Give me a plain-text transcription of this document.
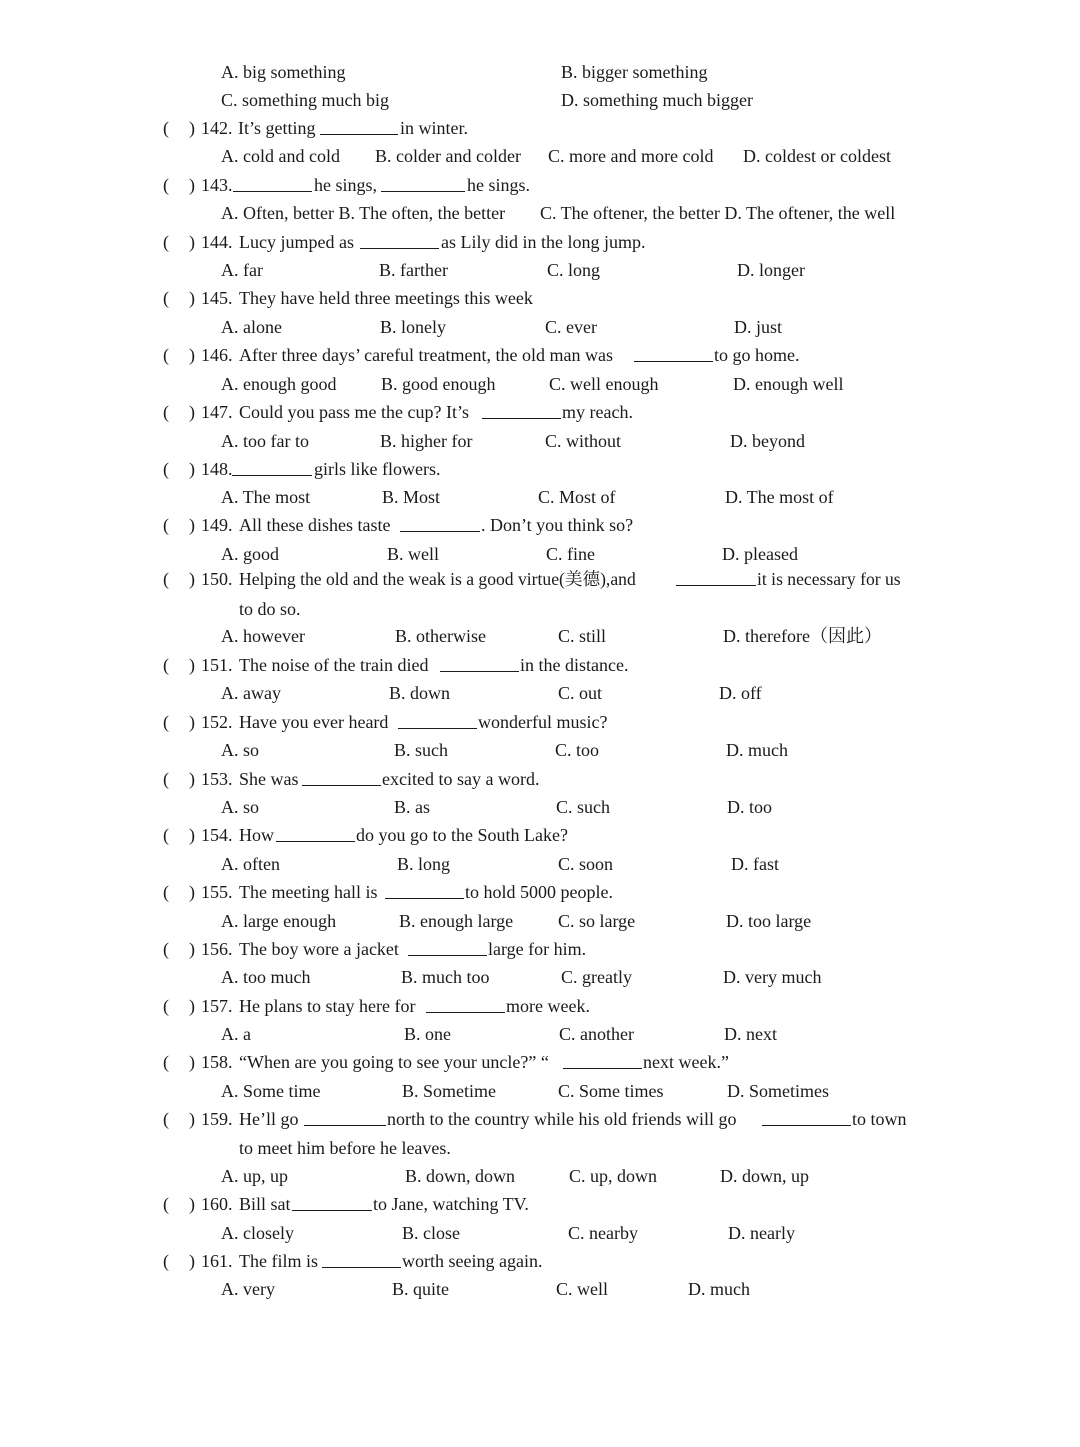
A. big something	B. bigger something
C. something much big	D. something much bigger
( ) 142. It’s getting	in winter.
A. cold and cold B. colder and colder C. more and more cold D. coldest or coldest
( ) 143.	he sings,	he sings.
A. Often, better B. The often, the better C. The oftener, the better D. The oftener, the well
( ) 144. Lucy jumped as	as Lily did in the long jump.
A. far	B. farther	C. long	D. longer
( ) 145. They have held three meetings this week
A. alone	B. lonely	C. ever	D. just
( ) 146. After three days’ careful treatment, the old man was	to go home.
A. enough good B. good enough	C. well enough	D. enough well
( ) 147. Could you pass me the cup? It’s	my reach.
A. too far to	B. higher for	C. without	D. beyond
( ) 148.	girls like flowers.
A. The most	B. Most	C. Most of	D. The most of
( ) 149. All these dishes taste	. Don’t you think so?
A. good	B. well	C. fine	D. pleased
( ) 150. Helping the old and the weak is a good virtue(美德),and	it is necessary for us
to do so.
A. however	B. otherwise	C. still	D. therefore（因此）
( ) 151. The noise of the train died	in the distance.
A. away	B. down	C. out	D. off
( ) 152. Have you ever heard	wonderful music?
A. so	B. such	C. too	D. much
( ) 153. She was	excited to say a word.
A. so	B. as	C. such	D. too
( ) 154. How	do you go to the South Lake?
A. often	B. long	C. soon	D. fast
( ) 155. The meeting hall is	to hold 5000 people.
A. large enough	B. enough large C. so large	D. too large
( ) 156. The boy wore a jacket	large for him.
A. too much	B. much too	C. greatly	D. very much
( ) 157. He plans to stay here for	more week.
A. a	B. one	C. another	D. next
( ) 158. “When are you going to see your uncle?” “	next week.”
A. Some time	B. Sometime	C. Some times	D. Sometimes
( ) 159. He’ll go	north to the country while his old friends will go	to town
to meet him before he leaves.
A. up, up	B. down, down	C. up, down	D. down, up
( ) 160. Bill sat	to Jane, watching TV.
A. closely	B. close	C. nearby	D. nearly
( ) 161. The film is	worth seeing again.
A. very	B. quite	C. well	D. much
